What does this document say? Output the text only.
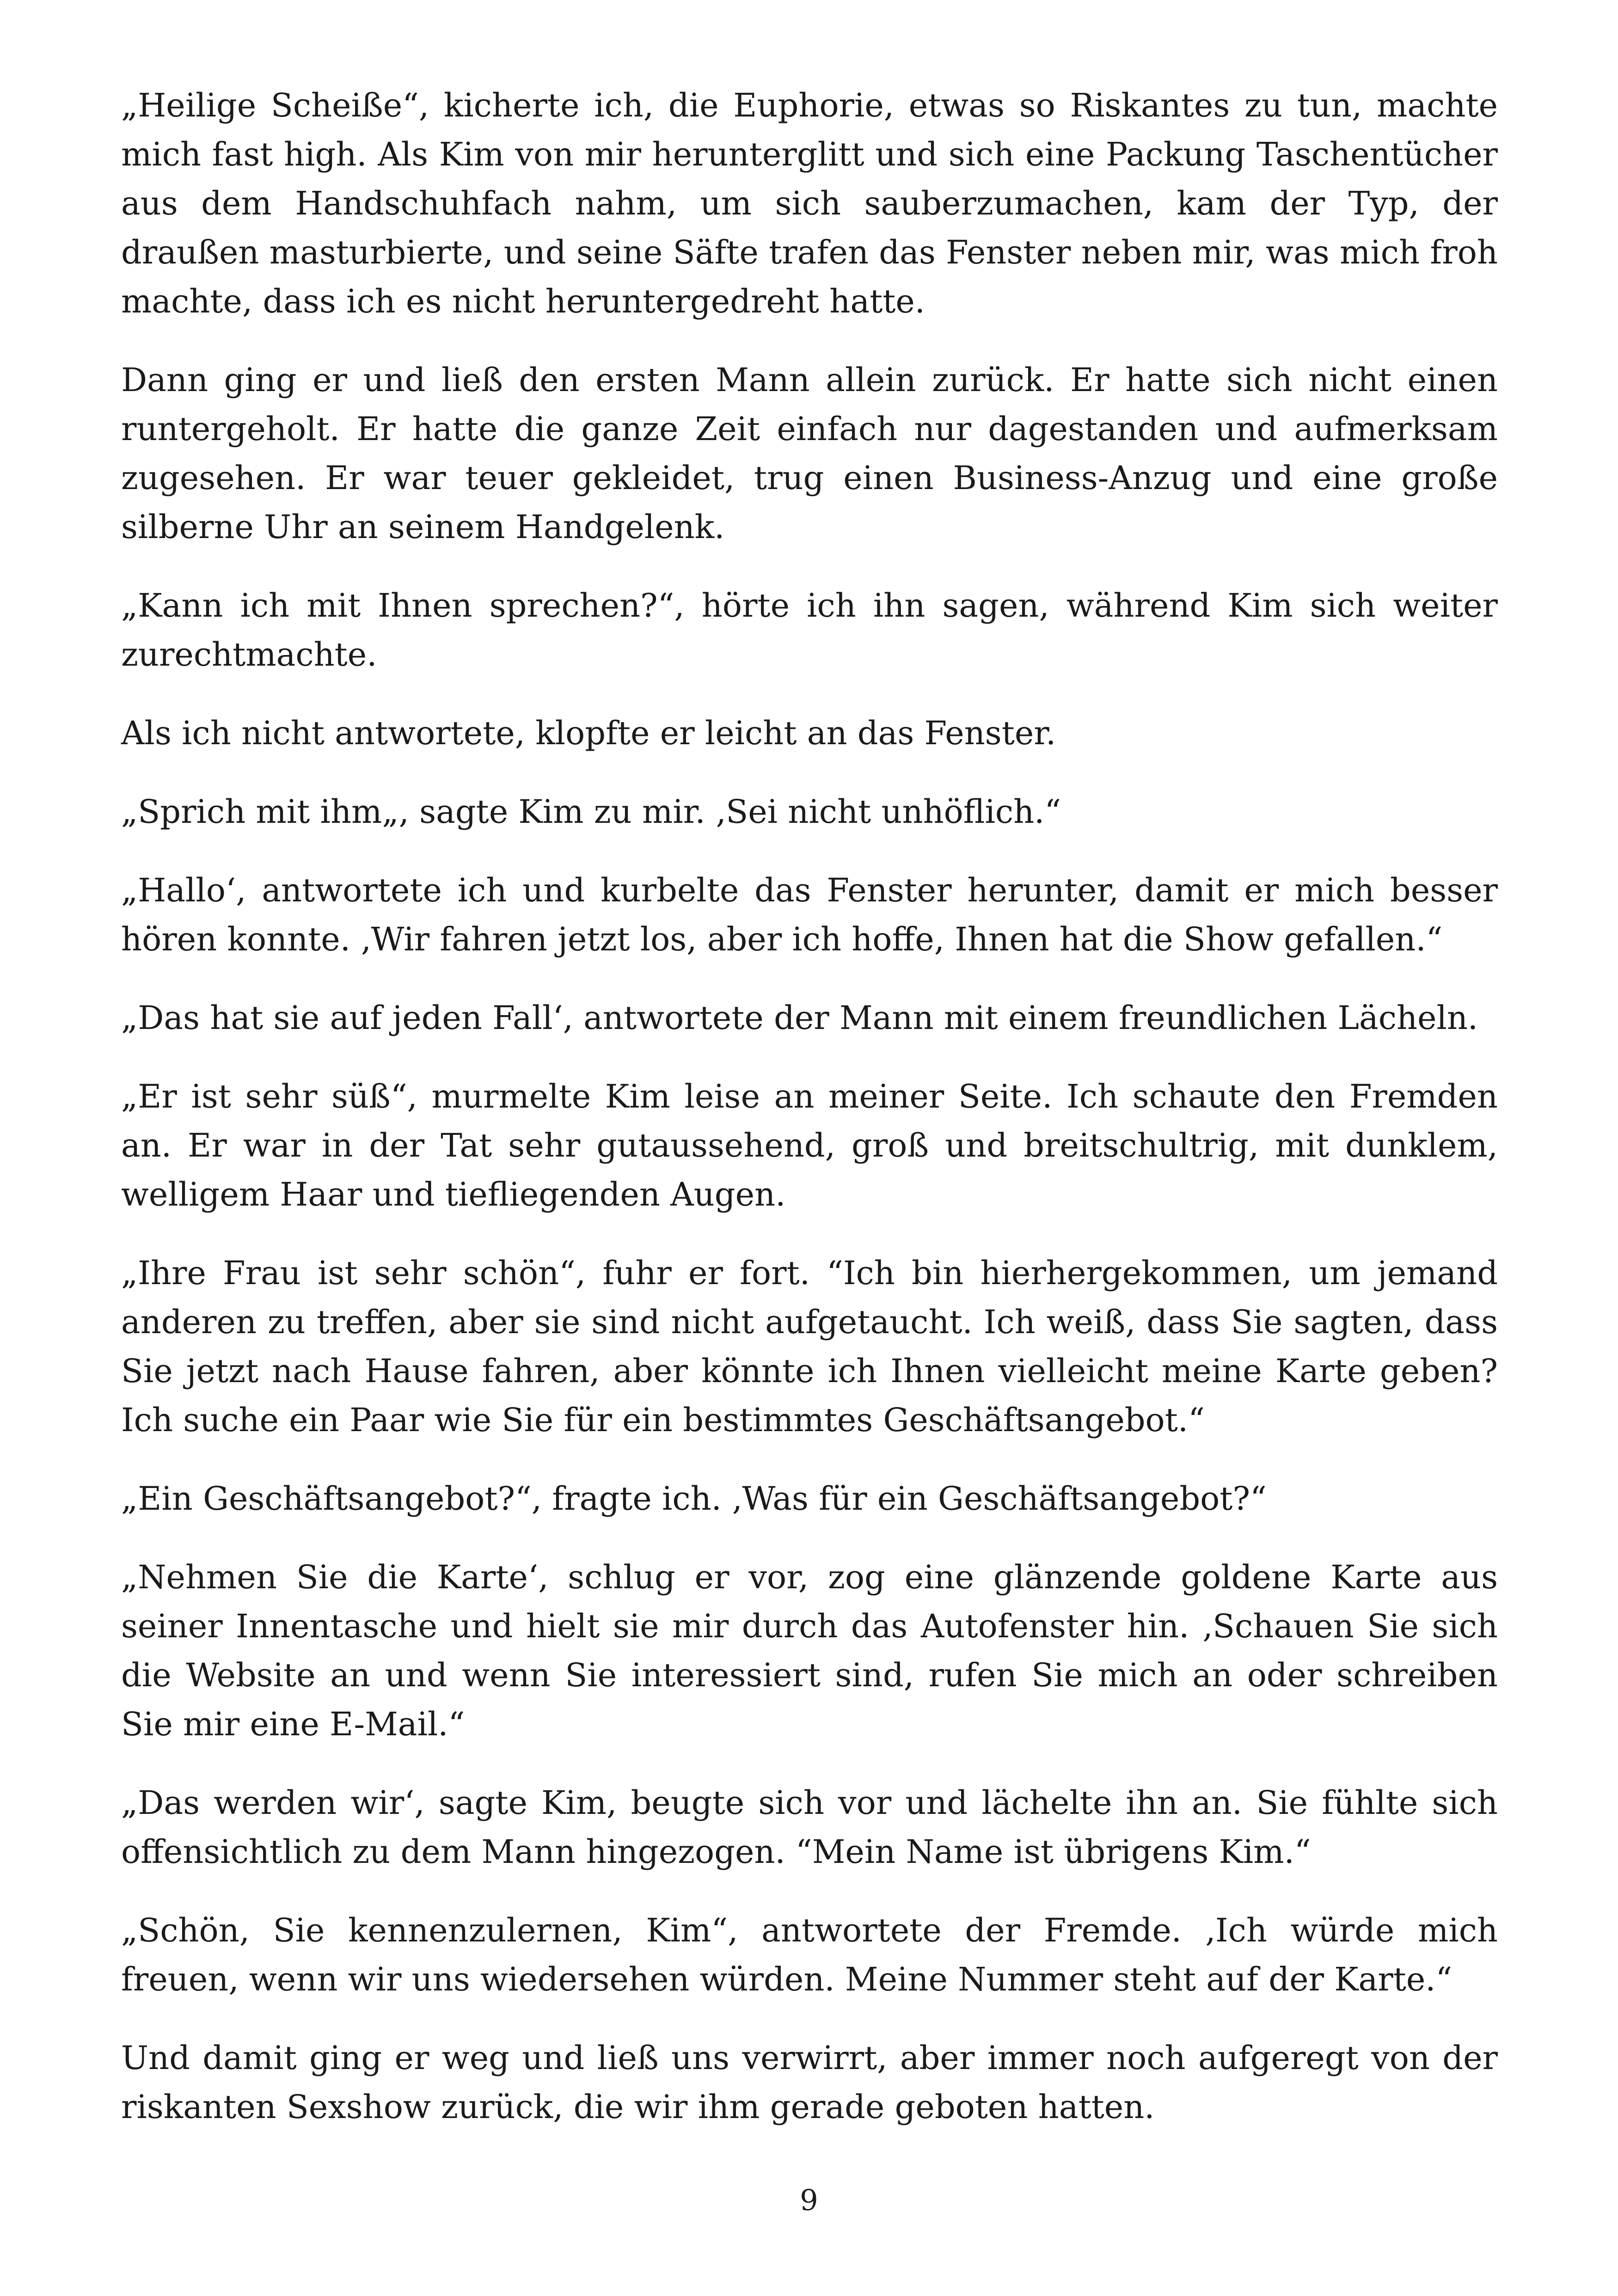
„Heilige Scheiße“, kicherte ich, die Euphorie, etwas so Riskantes zu tun, machte mich fast high. Als Kim von mir herunterglitt und sich eine Packung Taschentücher aus dem Handschuhfach nahm, um sich sauberzumachen, kam der Typ, der draußen masturbierte, und seine Säfte trafen das Fenster neben mir, was mich froh machte, dass ich es nicht heruntergedreht hatte.

Dann ging er und ließ den ersten Mann allein zurück. Er hatte sich nicht einen runtergeholt. Er hatte die ganze Zeit einfach nur dagestanden und aufmerksam zugesehen. Er war teuer gekleidet, trug einen Business-Anzug und eine große silberne Uhr an seinem Handgelenk.

„Kann ich mit Ihnen sprechen?“, hörte ich ihn sagen, während Kim sich weiter zurechtmachte.

Als ich nicht antwortete, klopfte er leicht an das Fenster.

„Sprich mit ihm„, sagte Kim zu mir. ‚Sei nicht unhöflich.“

„Hallo‘, antwortete ich und kurbelte das Fenster herunter, damit er mich besser hören konnte. ‚Wir fahren jetzt los, aber ich hoffe, Ihnen hat die Show gefallen.“

„Das hat sie auf jeden Fall‘, antwortete der Mann mit einem freundlichen Lächeln.

„Er ist sehr süß“, murmelte Kim leise an meiner Seite. Ich schaute den Fremden an. Er war in der Tat sehr gutaussehend, groß und breitschultrig, mit dunklem, welligem Haar und tiefliegenden Augen.

„Ihre Frau ist sehr schön“, fuhr er fort. “Ich bin hierhergekommen, um jemand anderen zu treffen, aber sie sind nicht aufgetaucht. Ich weiß, dass Sie sagten, dass Sie jetzt nach Hause fahren, aber könnte ich Ihnen vielleicht meine Karte geben? Ich suche ein Paar wie Sie für ein bestimmtes Geschäftsangebot.“

„Ein Geschäftsangebot?“, fragte ich. ‚Was für ein Geschäftsangebot?“

„Nehmen Sie die Karte‘, schlug er vor, zog eine glänzende goldene Karte aus seiner Innentasche und hielt sie mir durch das Autofenster hin. ‚Schauen Sie sich die Website an und wenn Sie interessiert sind, rufen Sie mich an oder schreiben Sie mir eine E-Mail.“

„Das werden wir‘, sagte Kim, beugte sich vor und lächelte ihn an. Sie fühlte sich offensichtlich zu dem Mann hingezogen. “Mein Name ist übrigens Kim.“

„Schön, Sie kennenzulernen, Kim“, antwortete der Fremde. ‚Ich würde mich freuen, wenn wir uns wiedersehen würden. Meine Nummer steht auf der Karte.“

Und damit ging er weg und ließ uns verwirrt, aber immer noch aufgeregt von der riskanten Sexshow zurück, die wir ihm gerade geboten hatten.

9
